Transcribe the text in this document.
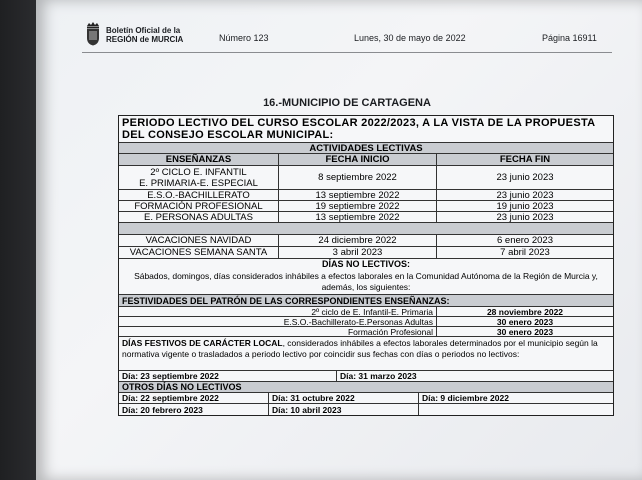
Boletín Oficial de la
REGIÓN de MURCIA	Número 123	Lunes, 30 de mayo de 2022	Página 16911
16.-MUNICIPIO DE CARTAGENA
PERIODO LECTIVO DEL CURSO ESCOLAR 2022/2023, A LA VISTA DE LA PROPUESTA DEL CONSEJO ESCOLAR MUNICIPAL:
ACTIVIDADES LECTIVAS
ENSEÑANZAS	FECHA INICIO	FECHA FIN
2º CICLO E. INFANTIL
E. PRIMARIA-E. ESPECIAL	8 septiembre 2022	23 junio 2023
E.S.O.-BACHILLERATO	13 septiembre 2022	23 junio 2023
FORMACIÓN PROFESIONAL	19 septiembre 2022	19 junio 2023
E. PERSONAS ADULTAS	13 septiembre 2022	23 junio 2023
VACACIONES NAVIDAD	24 diciembre 2022	6 enero 2023
VACACIONES SEMANA SANTA	3 abril 2023	7 abril 2023
DÍAS NO LECTIVOS:
Sábados, domingos, días considerados inhábiles a efectos laborales en la Comunidad Autónoma de la Región de Murcia y, además, los siguientes:
FESTIVIDADES DEL PATRÓN DE LAS CORRESPONDIENTES ENSEÑANZAS:
2º ciclo de E. Infantil-E. Primaria	28 noviembre 2022
E.S.O.-Bachillerato-E.Personas Adultas	30 enero 2023
Formación Profesional	30 enero 2023
DÍAS FESTIVOS DE CARÁCTER LOCAL, considerados inhábiles a efectos laborales determinados por el municipio según la normativa vigente o trasladados a periodo lectivo por coincidir sus fechas con días o periodos no lectivos:
Día: 23 septiembre 2022	Día: 31 marzo 2023
OTROS DÍAS NO LECTIVOS
Día: 22 septiembre 2022	Día: 31 octubre 2022	Día: 9 diciembre 2022
Día: 20 febrero 2023	Día: 10 abril 2023
